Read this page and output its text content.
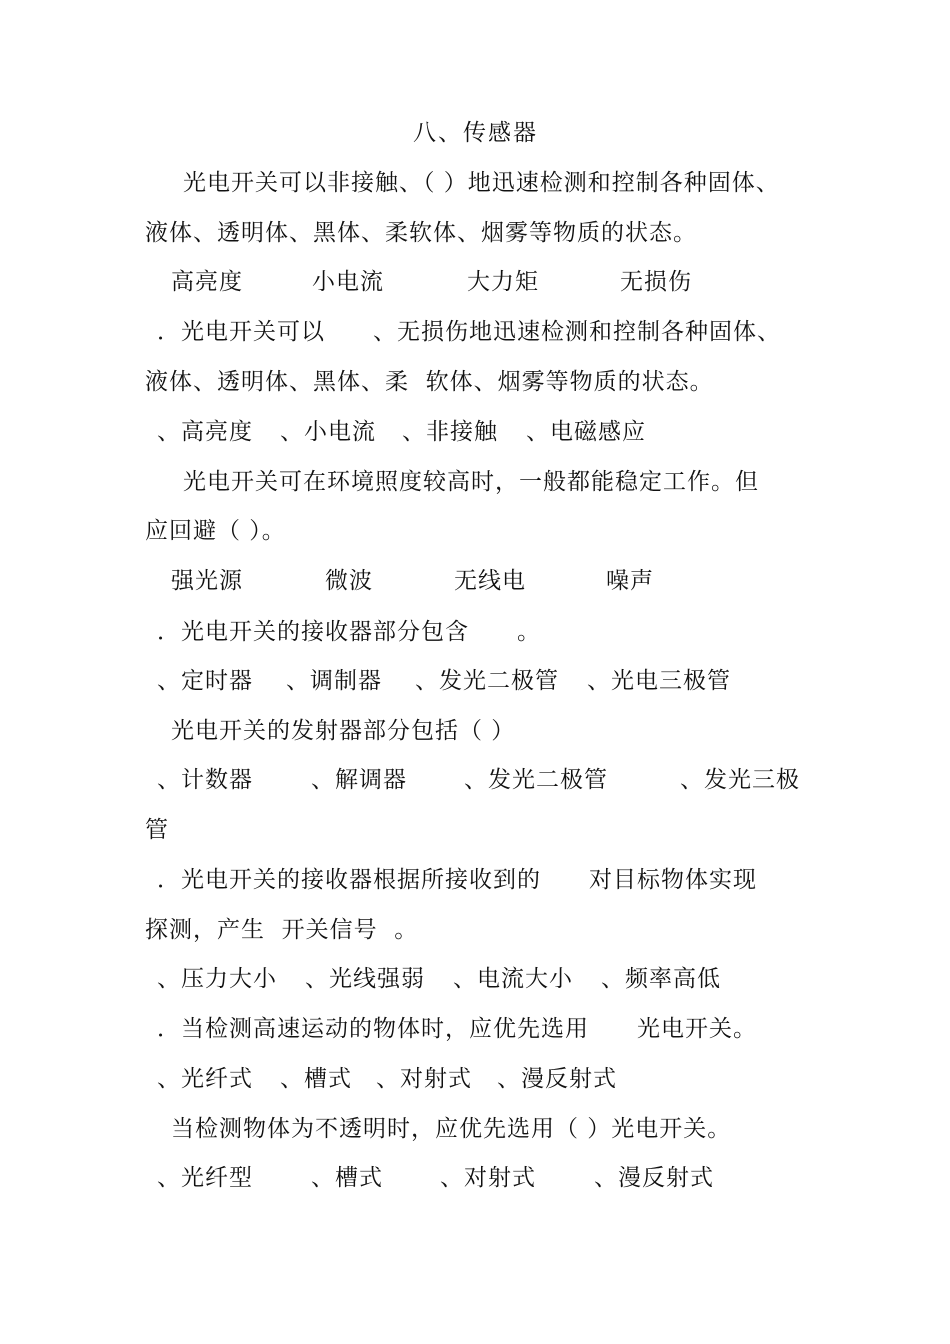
八、传感器
光电开关可以非接触、（ ）地迅速检测和控制各种固体、
液体、透明体、黑体、柔软体、烟雾等物质的状态。

高亮度

	小电流

	大力矩

	无损伤

．光电开关可以　　、无损伤地迅速检测和控制各种固体、
液体、透明体、黑体、柔  软体、烟雾等物质的状态。

、高亮度

、小电流

、非接触

、电磁感应

光电开关可在环境照度较高时，一般都能稳定工作。但
应回避（ ）。

强光源

	微波

	无线电

	噪声

．光电开关的接收器部分包含　　。

、定时器

、调制器

、发光二极管

、光电三极管

光电开关的发射器部分包括（ ）

、计数器

	、解调器

、发光二极管

	、发光三极

管
．光电开关的接收器根据所接收到的　　对目标物体实现
探测，产生  开关信号  。

、压力大小

、光线强弱

、电流大小

、频率高低

．当检测高速运动的物体时，应优先选用　　光电开关。

、光纤式

、槽式

、对射式

、漫反射式

当检测物体为不透明时，应优先选用（ ）光电开关。

、光纤型

	、槽式

、对射式

	、漫反射式
